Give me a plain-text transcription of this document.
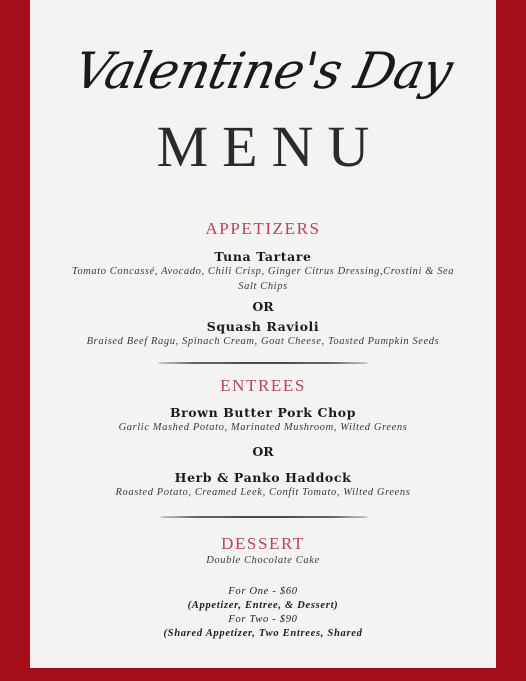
Valentine's Day
MENU
APPETIZERS
Tuna Tartare
Tomato Concassé, Avocado, Chili Crisp, Ginger Citrus Dressing,Crostini & Sea Salt Chips
OR
Squash Ravioli
Braised Beef Ragu, Spinach Cream, Goat Cheese, Toasted Pumpkin Seeds
ENTREES
Brown Butter Pork Chop
Garlic Mashed Potato, Marinated Mushroom, Wilted Greens
OR
Herb & Panko Haddock
Roasted Potato, Creamed Leek, Confit Tomato, Wilted Greens
DESSERT
Double Chocolate Cake
For One - $60
(Appetizer, Entree, & Dessert)
For Two - $90
(Shared Appetizer, Two Entrees, Shared
